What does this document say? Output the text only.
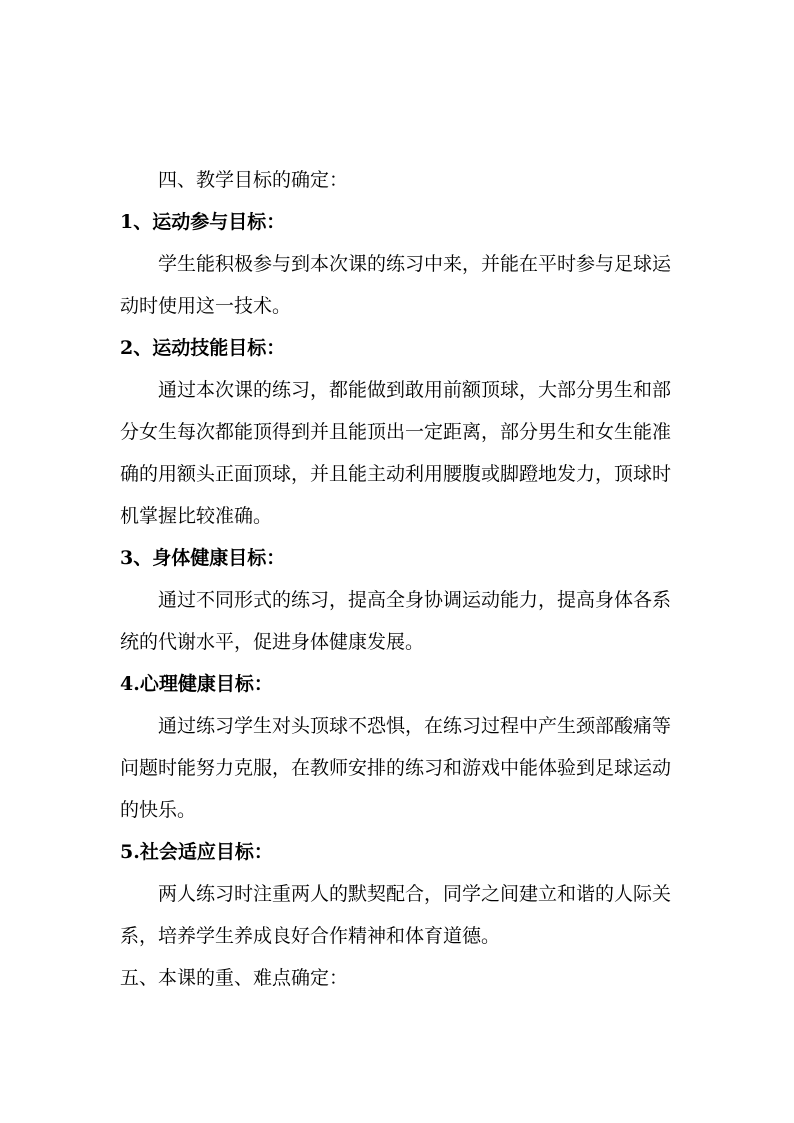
四、教学目标的确定：
1、运动参与目标：
学生能积极参与到本次课的练习中来，并能在平时参与足球运
动时使用这一技术。
2、运动技能目标：
通过本次课的练习，都能做到敢用前额顶球，大部分男生和部
分女生每次都能顶得到并且能顶出一定距离，部分男生和女生能准
确的用额头正面顶球，并且能主动利用腰腹或脚蹬地发力，顶球时
机掌握比较准确。
3、身体健康目标：
通过不同形式的练习，提高全身协调运动能力，提高身体各系
统的代谢水平，促进身体健康发展。
4.心理健康目标：
通过练习学生对头顶球不恐惧，在练习过程中产生颈部酸痛等
问题时能努力克服，在教师安排的练习和游戏中能体验到足球运动
的快乐。
5.社会适应目标：
两人练习时注重两人的默契配合，同学之间建立和谐的人际关
系，培养学生养成良好合作精神和体育道德。
五、本课的重、难点确定：
